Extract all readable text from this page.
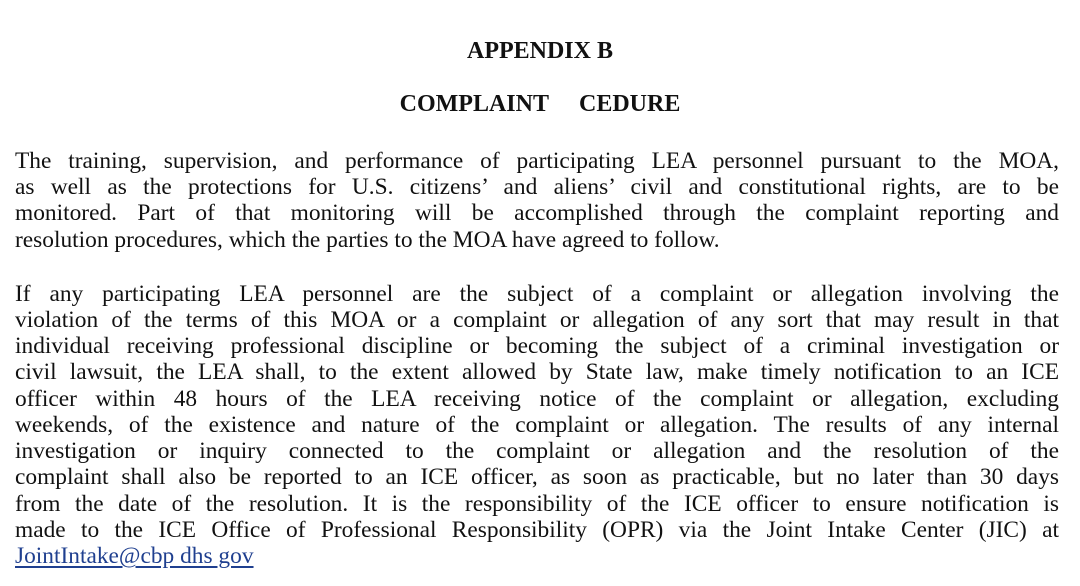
APPENDIX B
COMPLAINT CEDURE
The training, supervision, and performance of participating LEA personnel pursuant to the MOA,
as well as the protections for U.S. citizens’ and aliens’ civil and constitutional rights, are to be
monitored. Part of that monitoring will be accomplished through the complaint reporting and
resolution procedures, which the parties to the MOA have agreed to follow.
If any participating LEA personnel are the subject of a complaint or allegation involving the
violation of the terms of this MOA or a complaint or allegation of any sort that may result in that
individual receiving professional discipline or becoming the subject of a criminal investigation or
civil lawsuit, the LEA shall, to the extent allowed by State law, make timely notification to an ICE
officer within 48 hours of the LEA receiving notice of the complaint or allegation, excluding
weekends, of the existence and nature of the complaint or allegation. The results of any internal
investigation or inquiry connected to the complaint or allegation and the resolution of the
complaint shall also be reported to an ICE officer, as soon as practicable, but no later than 30 days
from the date of the resolution. It is the responsibility of the ICE officer to ensure notification is
made to the ICE Office of Professional Responsibility (OPR) via the Joint Intake Center (JIC) at
JointIntake@cbp dhs gov
